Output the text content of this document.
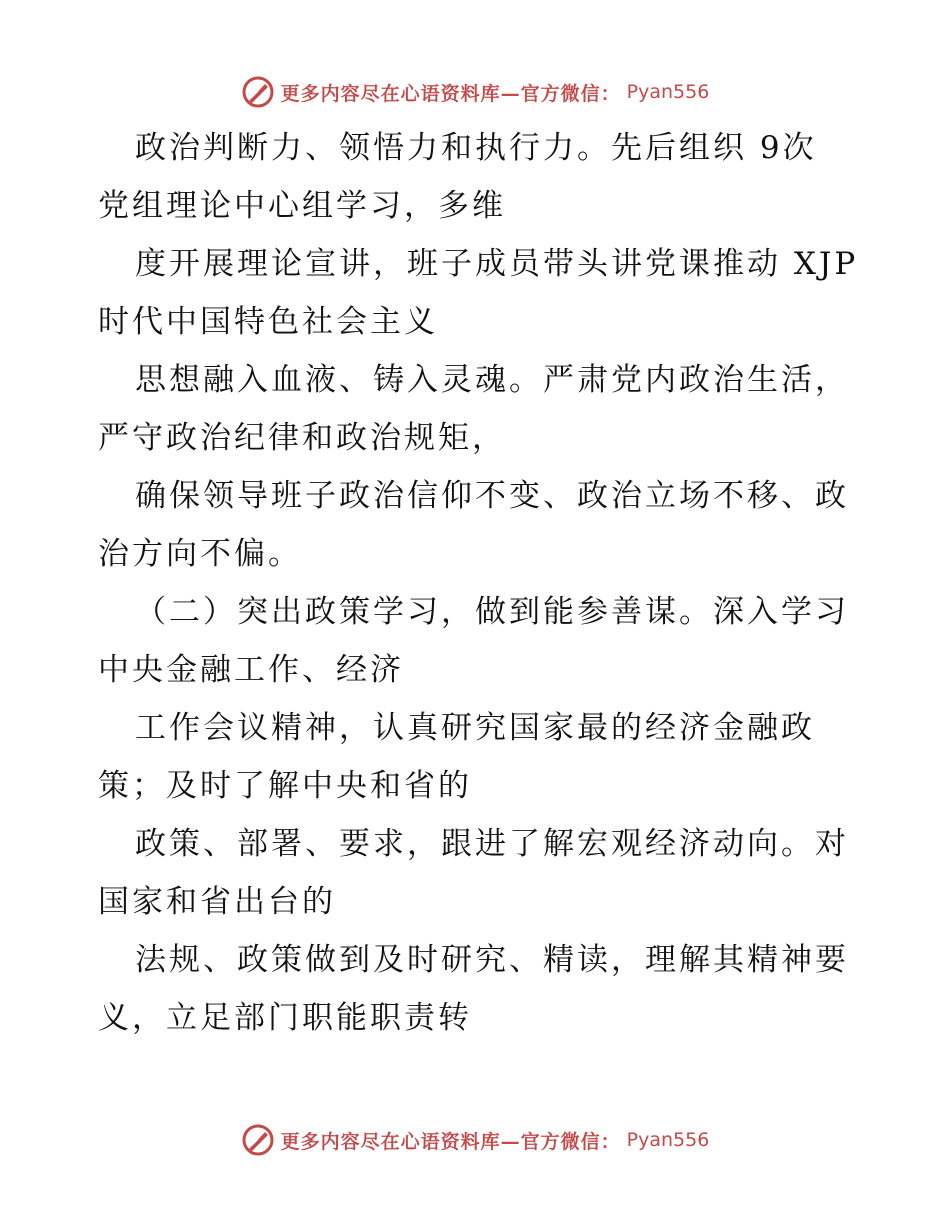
更多内容尽在心语资料库—官方微信： Pyan556
政治判断力、领悟力和执行力。先后组织 9次
党组理论中心组学习，多维
度开展理论宣讲，班子成员带头讲党课推动 XJP
时代中国特色社会主义
思想融入血液、铸入灵魂。严肃党内政治生活，
严守政治纪律和政治规矩，
确保领导班子政治信仰不变、政治立场不移、政
治方向不偏。
（二）突出政策学习，做到能参善谋。深入学习
中央金融工作、经济
工作会议精神，认真研究国家最的经济金融政
策；及时了解中央和省的
政策、部署、要求，跟进了解宏观经济动向。对
国家和省出台的
法规、政策做到及时研究、精读，理解其精神要
义，立足部门职能职责转
更多内容尽在心语资料库—官方微信： Pyan556
